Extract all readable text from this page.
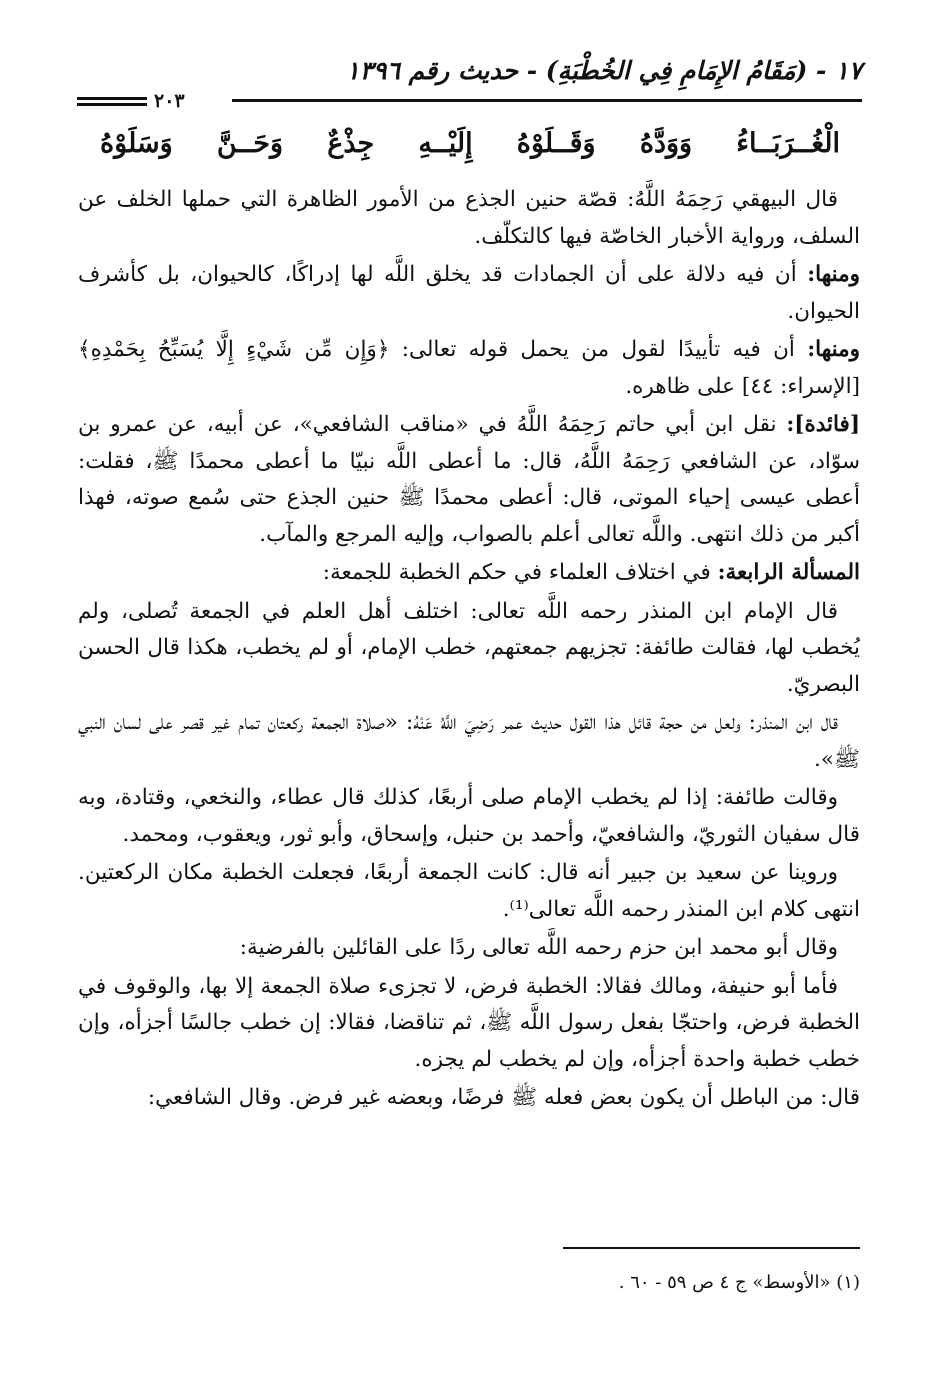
١٧ - (مَقَامُ الإِمَامِ فِي الخُطْبَةِ) - حديث رقم ١٣٩٦
٢٠٣
وَسَلَوْهُ وَحَــنَّ جِذْعٌ إِلَيْــهِ وَقَــلَوْهُ وَوَدَّهُ الْغُــرَبَــاءُ

قال البيهقي رَحِمَهُ اللَّهُ: قصّة حنين الجذع من الأمور الظاهرة التي حملها الخلف عن السلف، ورواية الأخبار الخاصّة فيها كالتكلّف.

ومنها: أن فيه دلالة على أن الجمادات قد يخلق اللَّه لها إدراكًا، كالحيوان، بل كأشرف الحيوان.

ومنها: أن فيه تأييدًا لقول من يحمل قوله تعالى: ﴿وَإِن مِّن شَيْءٍ إِلَّا يُسَبِّحُ بِحَمْدِهِ﴾ [الإسراء: ٤٤] على ظاهره.

[فائدة]: نقل ابن أبي حاتم رَحِمَهُ اللَّهُ في «مناقب الشافعي»، عن أبيه، عن عمرو بن سوّاد، عن الشافعي رَحِمَهُ اللَّهُ، قال: ما أعطى اللَّه نبيّا ما أعطى محمدًا ﷺ، فقلت: أعطى عيسى إحياء الموتى، قال: أعطى محمدًا ﷺ حنين الجذع حتى سُمع صوته، فهذا أكبر من ذلك انتهى. واللَّه تعالى أعلم بالصواب، وإليه المرجع والمآب.

المسألة الرابعة: في اختلاف العلماء في حكم الخطبة للجمعة:

قال الإمام ابن المنذر رحمه اللَّه تعالى: اختلف أهل العلم في الجمعة تُصلى، ولم يُخطب لها، فقالت طائفة: تجزيهم جمعتهم، خطب الإمام، أو لم يخطب، هكذا قال الحسن البصريّ.

قال ابن المنذر: ولعل من حجة قائل هذا القول حديث عمر رَضِيَ اللَّهُ عَنْهُ: «صلاة الجمعة ركعتان تمام غير قصر على لسان النبي ﷺ».

وقالت طائفة: إذا لم يخطب الإمام صلى أربعًا، كذلك قال عطاء، والنخعي، وقتادة، وبه قال سفيان الثوريّ، والشافعيّ، وأحمد بن حنبل، وإسحاق، وأبو ثور، ويعقوب، ومحمد.

وروينا عن سعيد بن جبير أنه قال: كانت الجمعة أربعًا، فجعلت الخطبة مكان الركعتين. انتهى كلام ابن المنذر رحمه اللَّه تعالى⁽¹⁾.

وقال أبو محمد ابن حزم رحمه اللَّه تعالى ردًا على القائلين بالفرضية:

فأما أبو حنيفة، ومالك فقالا: الخطبة فرض، لا تجزىء صلاة الجمعة إلا بها، والوقوف في الخطبة فرض، واحتجّا بفعل رسول اللَّه ﷺ، ثم تناقضا، فقالا: إن خطب جالسًا أجزأه، وإن خطب خطبة واحدة أجزأه، وإن لم يخطب لم يجزه.

قال: من الباطل أن يكون بعض فعله ﷺ فرضًا، وبعضه غير فرض. وقال الشافعي:

(١) «الأوسط» ج ٤ ص ٥٩ - ٦٠ .
